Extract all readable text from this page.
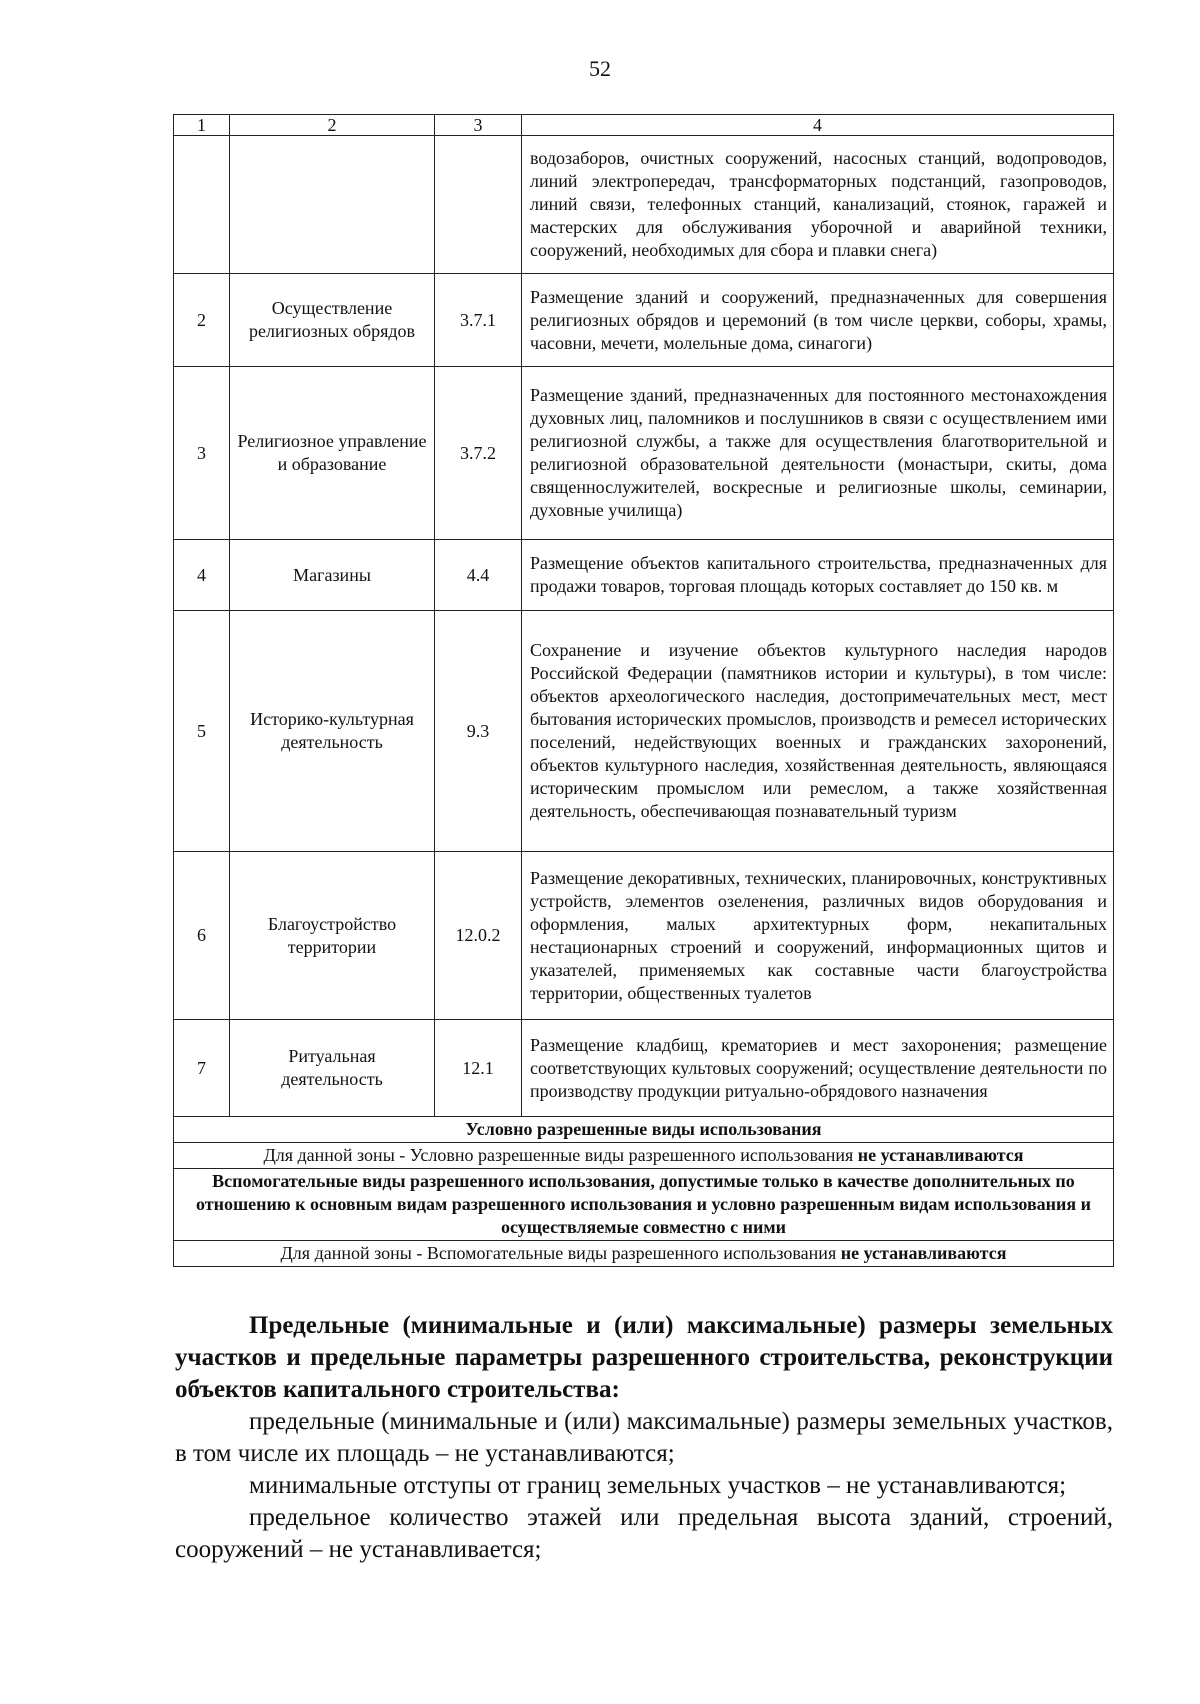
52
1	2	3	4
			водозаборов, очистных сооружений, насосных станций, водопроводов, линий электропередач, трансформаторных подстанций, газопроводов, линий связи, телефонных станций, канализаций, стоянок, гаражей и мастерских для обслуживания уборочной и аварийной техники, сооружений, необходимых для сбора и плавки снега)
2	Осуществление религиозных обрядов	3.7.1	Размещение зданий и сооружений, предназначенных для совершения религиозных обрядов и церемоний (в том числе церкви, соборы, храмы, часовни, мечети, молельные дома, синагоги)
3	Религиозное управление и образование	3.7.2	Размещение зданий, предназначенных для постоянного местонахождения духовных лиц, паломников и послушников в связи с осуществлением ими религиозной службы, а также для осуществления благотворительной и религиозной образовательной деятельности (монастыри, скиты, дома священнослужителей, воскресные и религиозные школы, семинарии, духовные училища)
4	Магазины	4.4	Размещение объектов капитального строительства, предназначенных для продажи товаров, торговая площадь которых составляет до 150 кв. м
5	Историко-культурная деятельность	9.3	Сохранение и изучение объектов культурного наследия народов Российской Федерации (памятников истории и культуры), в том числе: объектов археологического наследия, достопримечательных мест, мест бытования исторических промыслов, производств и ремесел исторических поселений, недействующих военных и гражданских захоронений, объектов культурного наследия, хозяйственная деятельность, являющаяся историческим промыслом или ремеслом, а также хозяйственная деятельность, обеспечивающая познавательный туризм
6	Благоустройство территории	12.0.2	Размещение декоративных, технических, планировочных, конструктивных устройств, элементов озеленения, различных видов оборудования и оформления, малых архитектурных форм, некапитальных нестационарных строений и сооружений, информационных щитов и указателей, применяемых как составные части благоустройства территории, общественных туалетов
7	Ритуальная деятельность	12.1	Размещение кладбищ, крематориев и мест захоронения; размещение соответствующих культовых сооружений; осуществление деятельности по производству продукции ритуально-обрядового назначения
Условно разрешенные виды использования			
Для данной зоны - Условно разрешенные виды разрешенного использования не устанавливаются			
Вспомогательные виды разрешенного использования, допустимые только в качестве дополнительных по отношению к основным видам разрешенного использования и условно разрешенным видам использования и осуществляемые совместно с ними			
Для данной зоны - Вспомогательные виды разрешенного использования не устанавливаются			

Предельные (минимальные и (или) максимальные) размеры земельных участков и предельные параметры разрешенного строительства, реконструкции объектов капитального строительства:

предельные (минимальные и (или) максимальные) размеры земельных участков, в том числе их площадь – не устанавливаются;

минимальные отступы от границ земельных участков – не устанавливаются;

предельное количество этажей или предельная высота зданий, строений, сооружений – не устанавливается;
